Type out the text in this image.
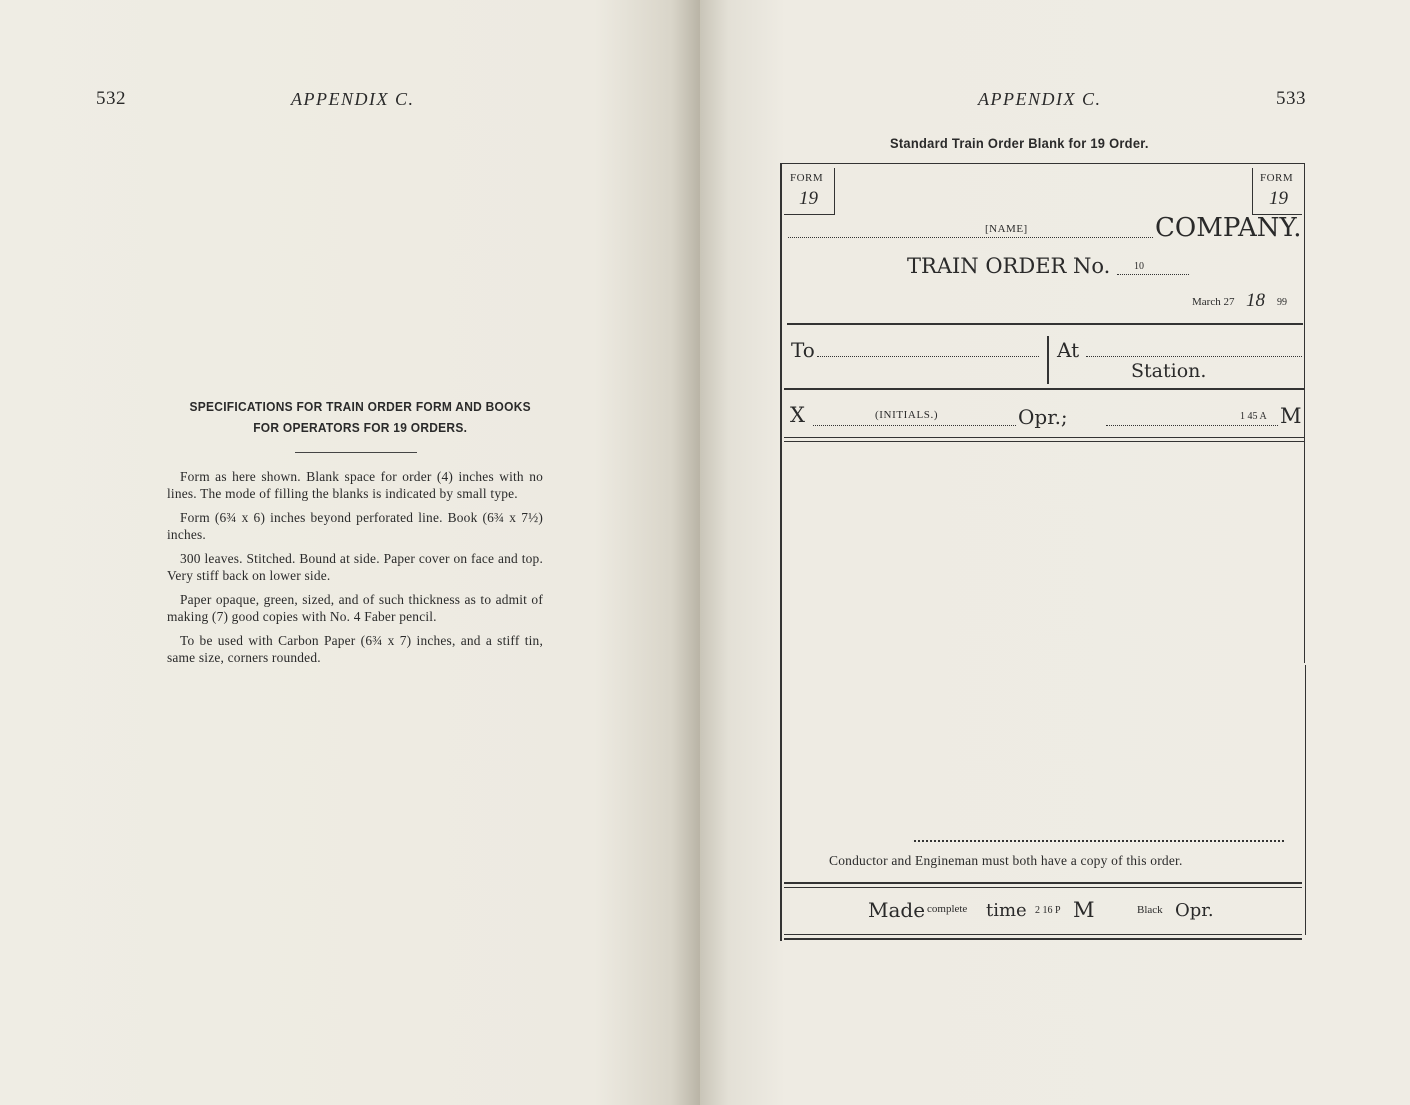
532	APPENDIX C.
SPECIFICATIONS FOR TRAIN ORDER FORM AND BOOKS
FOR OPERATORS FOR 19 ORDERS.

Form as here shown. Blank space for order (4) inches with no lines. The mode of filling the blanks is indicated by small type.

Form (6¾ x 6) inches beyond perforated line. Book (6¾ x 7½) inches.

300 leaves. Stitched. Bound at side. Paper cover on face and top. Very stiff back on lower side.

Paper opaque, green, sized, and of such thickness as to admit of making (7) good copies with No. 4 Faber pencil.

To be used with Carbon Paper (6¾ x 7) inches, and a stiff tin, same size, corners rounded.

APPENDIX C.	533
Standard Train Order Blank for 19 Order.
FORM
19
FORM
19
[NAME]	COMPANY.
TRAIN ORDER No. 10
March 27 18 99
To	At
Station.
X	(INITIALS.)	Opr.;	1 45 A M
Conductor and Engineman must both have a copy of this order.
Made complete time 2 16 P M	Black Opr.
